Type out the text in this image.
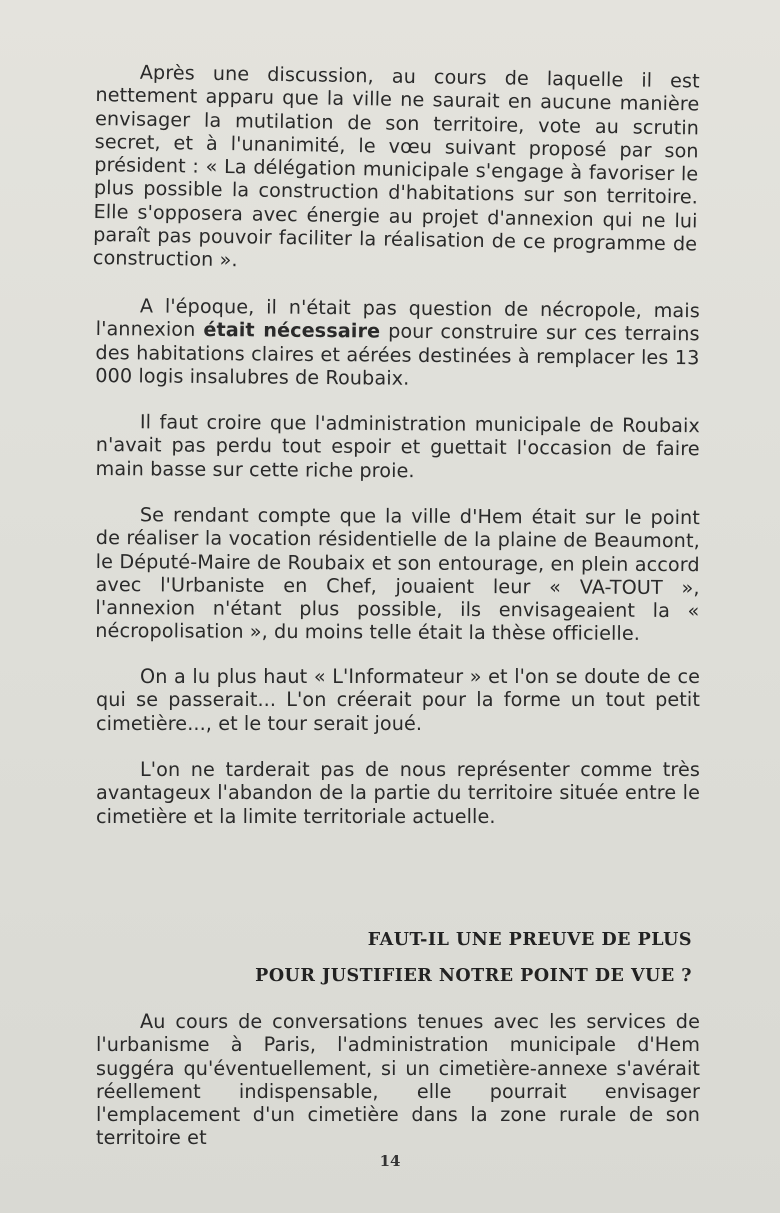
Après une discussion, au cours de laquelle il est nettement apparu que la ville ne saurait en aucune manière envisager la mutilation de son territoire, vote au scrutin secret, et à l'unanimité, le vœu suivant proposé par son président : « La délégation municipale s'engage à favoriser le plus possible la construction d'habitations sur son territoire. Elle s'opposera avec énergie au projet d'annexion qui ne lui paraît pas pouvoir faciliter la réalisation de ce programme de construction ».

A l'époque, il n'était pas question de nécropole, mais l'annexion était nécessaire pour construire sur ces terrains des habitations claires et aérées destinées à remplacer les 13 000 logis insalubres de Roubaix.

Il faut croire que l'administration municipale de Roubaix n'avait pas perdu tout espoir et guettait l'occasion de faire main basse sur cette riche proie.

Se rendant compte que la ville d'Hem était sur le point de réaliser la vocation résidentielle de la plaine de Beaumont, le Député-Maire de Roubaix et son entourage, en plein accord avec l'Urbaniste en Chef, jouaient leur « VA-TOUT », l'annexion n'étant plus possible, ils envisageaient la « nécropolisation », du moins telle était la thèse officielle.

On a lu plus haut « L'Informateur » et l'on se doute de ce qui se passerait... L'on créerait pour la forme un tout petit cimetière..., et le tour serait joué.

L'on ne tarderait pas de nous représenter comme très avantageux l'abandon de la partie du territoire située entre le cimetière et la limite territoriale actuelle.

FAUT-IL UNE PREUVE DE PLUS
POUR JUSTIFIER NOTRE POINT DE VUE ?

Au cours de conversations tenues avec les services de l'urbanisme à Paris, l'administration municipale d'Hem suggéra qu'éventuellement, si un cimetière-annexe s'avérait réellement indispensable, elle pourrait envisager l'emplacement d'un cimetière dans la zone rurale de son territoire et

14
